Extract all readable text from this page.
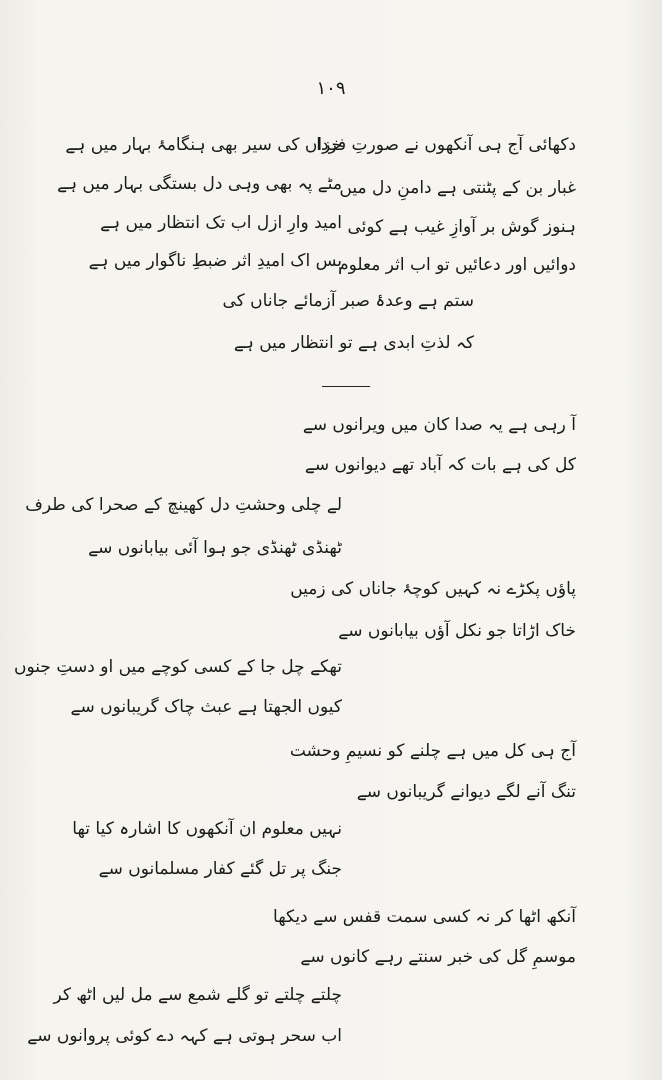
۱۰۹
دکھائی آج ہی آنکھوں نے صورتِ فردا
غبار بن کے پٹنتی ہے دامنِ دل میں
ہنوز گوش بر آوازِ غیب ہے کوئی
دوائیں اور دعائیں تو اب اثر معلوم
خزاں کی سیر بھی ہنگامۂ بہار میں ہے
مٹے پہ بھی وہی دل بستگی بہار میں ہے
امید وارِ ازل اب تک انتظار میں ہے
بس اک امیدِ اثر ضبطِ ناگوار میں ہے
ستم ہے وعدۂ صبر آزمائے جاناں کی
کہ لذتِ ابدی ہے تو انتظار میں ہے
آ رہی ہے یہ صدا کان میں ویرانوں سے
کل کی ہے بات کہ آباد تھے دیوانوں سے
لے چلی وحشتِ دل کھینچ کے صحرا کی طرف
ٹھنڈی ٹھنڈی جو ہوا آئی بیابانوں سے
پاؤں پکڑے نہ کہیں کوچۂ جاناں کی زمیں
خاک اڑاتا جو نکل آؤں بیابانوں سے
تھکے چل جا کے کسی کوچے میں او دستِ جنوں
کیوں الجھتا ہے عبث چاک گریبانوں سے
آج ہی کل میں ہے چلنے کو نسیمِ وحشت
تنگ آنے لگے دیوانے گریبانوں سے
نہیں معلوم ان آنکھوں کا اشارہ کیا تھا
جنگ پر تل گئے کفار مسلمانوں سے
آنکھ اٹھا کر نہ کسی سمت قفس سے دیکھا
موسمِ گل کی خبر سنتے رہے کانوں سے
چلتے چلتے تو گلے شمع سے مل لیں اٹھ کر
اب سحر ہوتی ہے کہہ دے کوئی پروانوں سے
